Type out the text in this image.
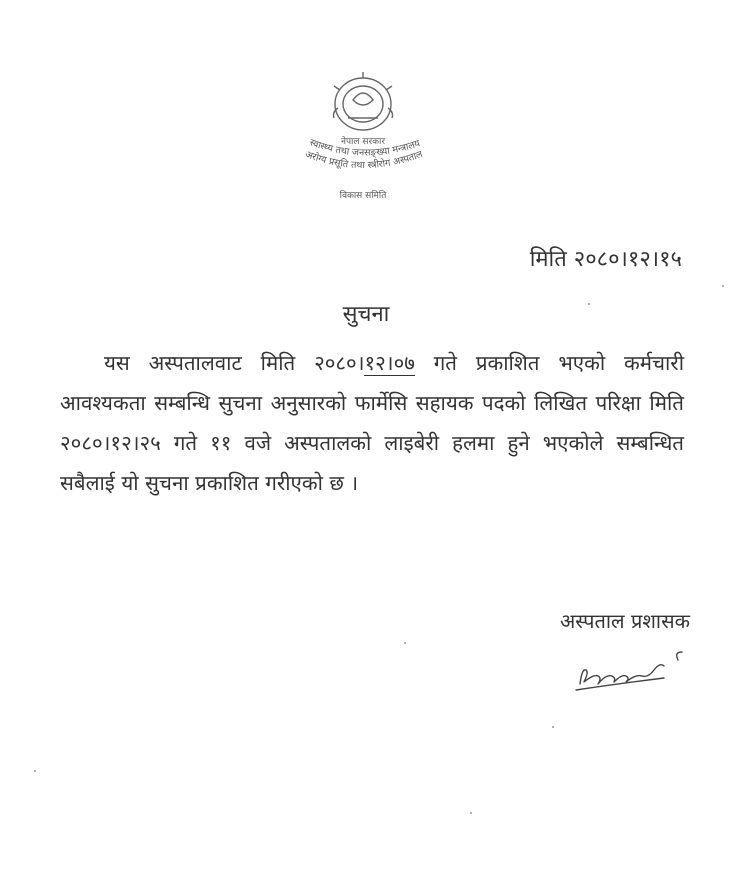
नेपाल सरकार
स्वास्थ्य तथा जनसङ्ख्या मन्त्रालय
अरोग्य प्रसूति तथा स्त्रीरोग अस्पताल
विकास समिति
मिति २०८०।१२।१५
सुचना

यस अस्पतालवाट मिति २०८०।१२।०७ गते प्रकाशित भएको कर्मचारी आवश्यकता सम्बन्धि सुचना अनुसारको फार्मेसि सहायक पदको लिखित परिक्षा मिति २०८०।१२।२५ गते ११ वजे अस्पतालको लाइबेरी हलमा हुने भएकोले सम्बन्धित सबैलाई यो सुचना प्रकाशित गरीएको छ ।

अस्पताल प्रशासक
